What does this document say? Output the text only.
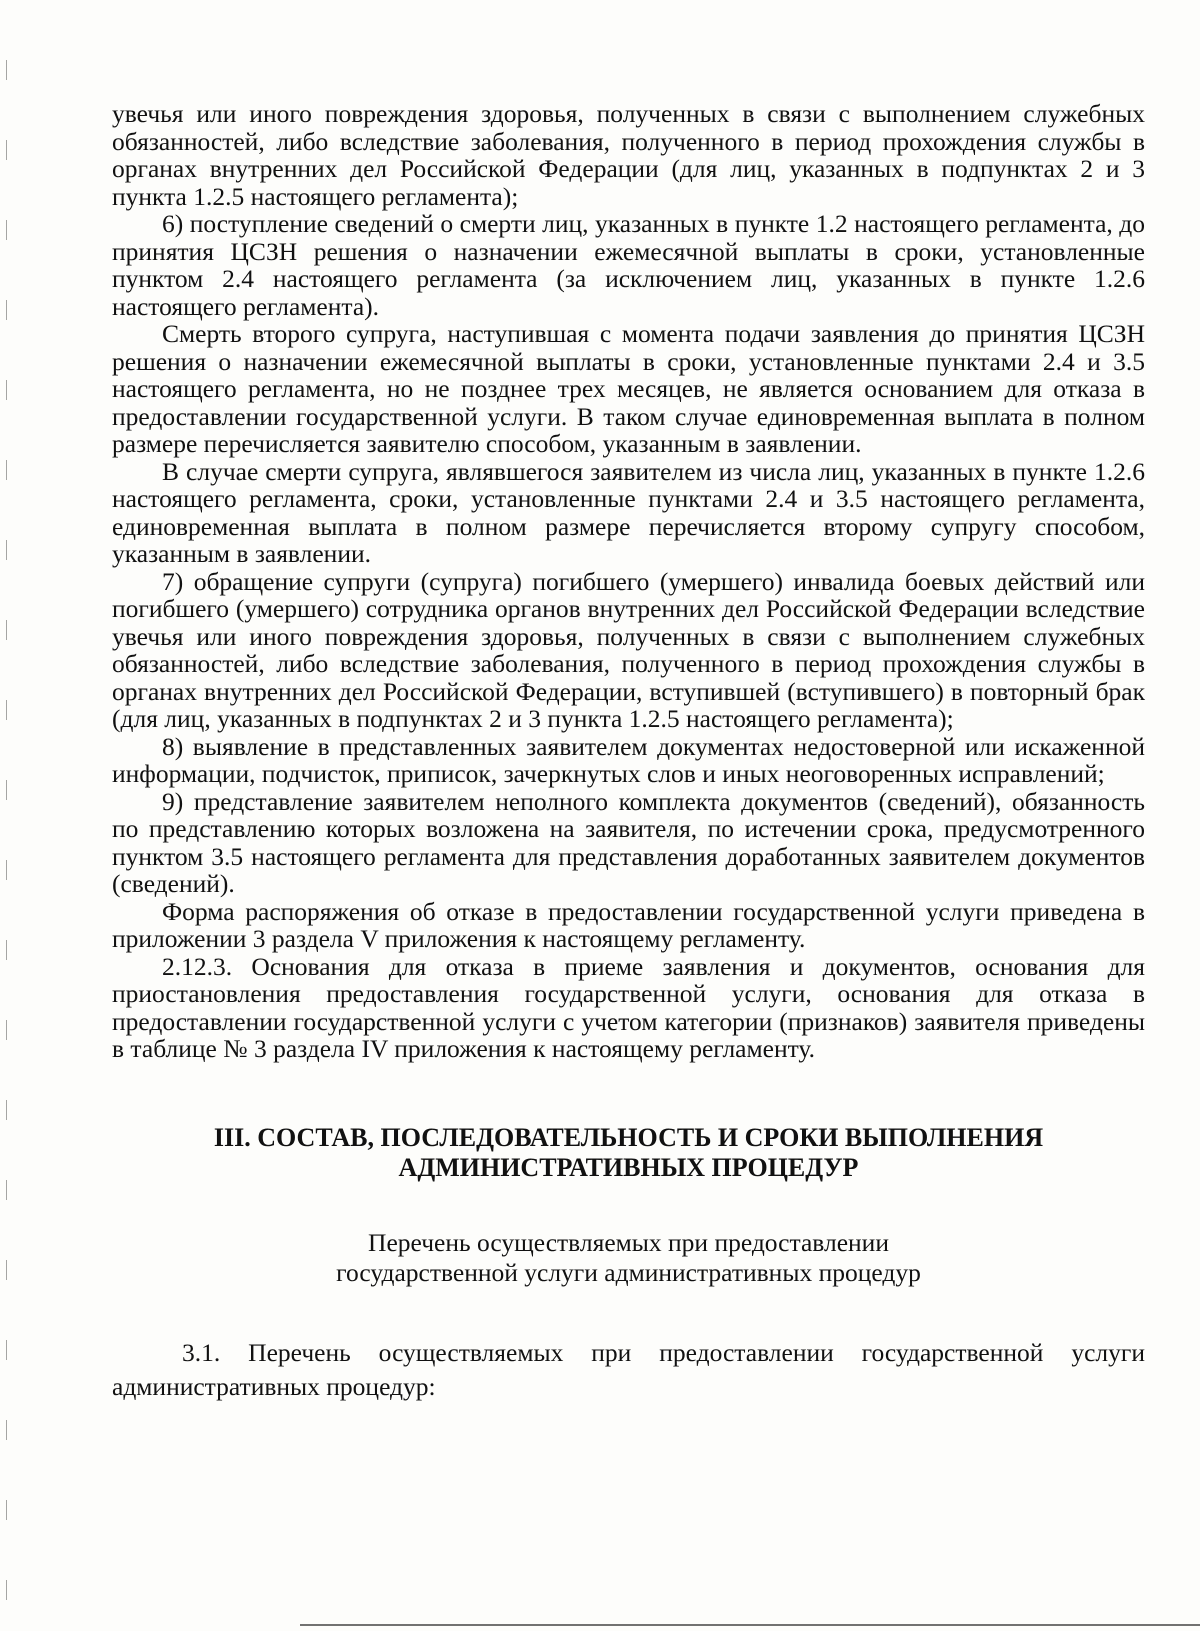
увечья или иного повреждения здоровья, полученных в связи с выполнением служебных обязанностей, либо вследствие заболевания, полученного в период прохождения службы в органах внутренних дел Российской Федерации (для лиц, указанных в подпунктах 2 и 3 пункта 1.2.5 настоящего регламента);

6) поступление сведений о смерти лиц, указанных в пункте 1.2 настоящего регламента, до принятия ЦСЗН решения о назначении ежемесячной выплаты в сроки, установленные пунктом 2.4 настоящего регламента (за исключением лиц, указанных в пункте 1.2.6 настоящего регламента).

Смерть второго супруга, наступившая с момента подачи заявления до принятия ЦСЗН решения о назначении ежемесячной выплаты в сроки, установленные пунктами 2.4 и 3.5 настоящего регламента, но не позднее трех месяцев, не является основанием для отказа в предоставлении государственной услуги. В таком случае единовременная выплата в полном размере перечисляется заявителю способом, указанным в заявлении.

В случае смерти супруга, являвшегося заявителем из числа лиц, указанных в пункте 1.2.6 настоящего регламента, сроки, установленные пунктами 2.4 и 3.5 настоящего регламента, единовременная выплата в полном размере перечисляется второму супругу способом, указанным в заявлении.

7) обращение супруги (супруга) погибшего (умершего) инвалида боевых действий или погибшего (умершего) сотрудника органов внутренних дел Российской Федерации вследствие увечья или иного повреждения здоровья, полученных в связи с выполнением служебных обязанностей, либо вследствие заболевания, полученного в период прохождения службы в органах внутренних дел Российской Федерации, вступившей (вступившего) в повторный брак (для лиц, указанных в подпунктах 2 и 3 пункта 1.2.5 настоящего регламента);

8) выявление в представленных заявителем документах недостоверной или искаженной информации, подчисток, приписок, зачеркнутых слов и иных неоговоренных исправлений;

9) представление заявителем неполного комплекта документов (сведений), обязанность по представлению которых возложена на заявителя, по истечении срока, предусмотренного пунктом 3.5 настоящего регламента для представления доработанных заявителем документов (сведений).

Форма распоряжения об отказе в предоставлении государственной услуги приведена в приложении 3 раздела V приложения к настоящему регламенту.

2.12.3. Основания для отказа в приеме заявления и документов, основания для приостановления предоставления государственной услуги, основания для отказа в предоставлении государственной услуги с учетом категории (признаков) заявителя приведены в таблице № 3 раздела IV приложения к настоящему регламенту.

III. СОСТАВ, ПОСЛЕДОВАТЕЛЬНОСТЬ И СРОКИ ВЫПОЛНЕНИЯ
АДМИНИСТРАТИВНЫХ ПРОЦЕДУР
Перечень осуществляемых при предоставлении
государственной услуги административных процедур

3.1. Перечень осуществляемых при предоставлении государственной услуги административных процедур:
